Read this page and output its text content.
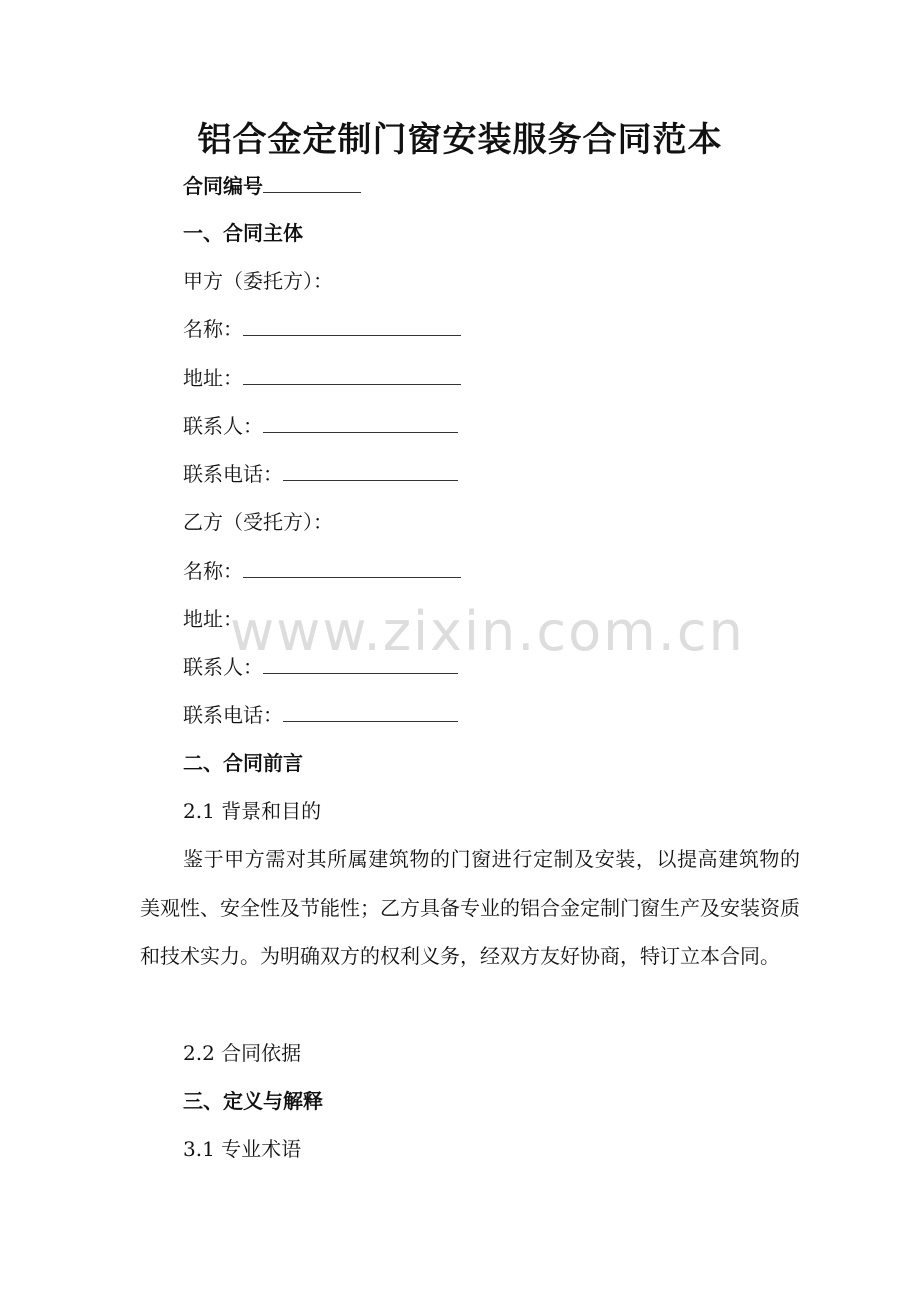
铝合金定制门窗安装服务合同范本
合同编号
一、合同主体
甲方（委托方）：
名称：
地址：
联系人：
联系电话：
乙方（受托方）：
名称：
地址：
联系人：
联系电话：
二、合同前言
2.1 背景和目的
鉴于甲方需对其所属建筑物的门窗进行定制及安装，以提高建筑物的美观性、安全性及节能性；乙方具备专业的铝合金定制门窗生产及安装资质和技术实力。为明确双方的权利义务，经双方友好协商，特订立本合同。
2.2 合同依据
三、定义与解释
3.1 专业术语
www.zixin.com.cn
